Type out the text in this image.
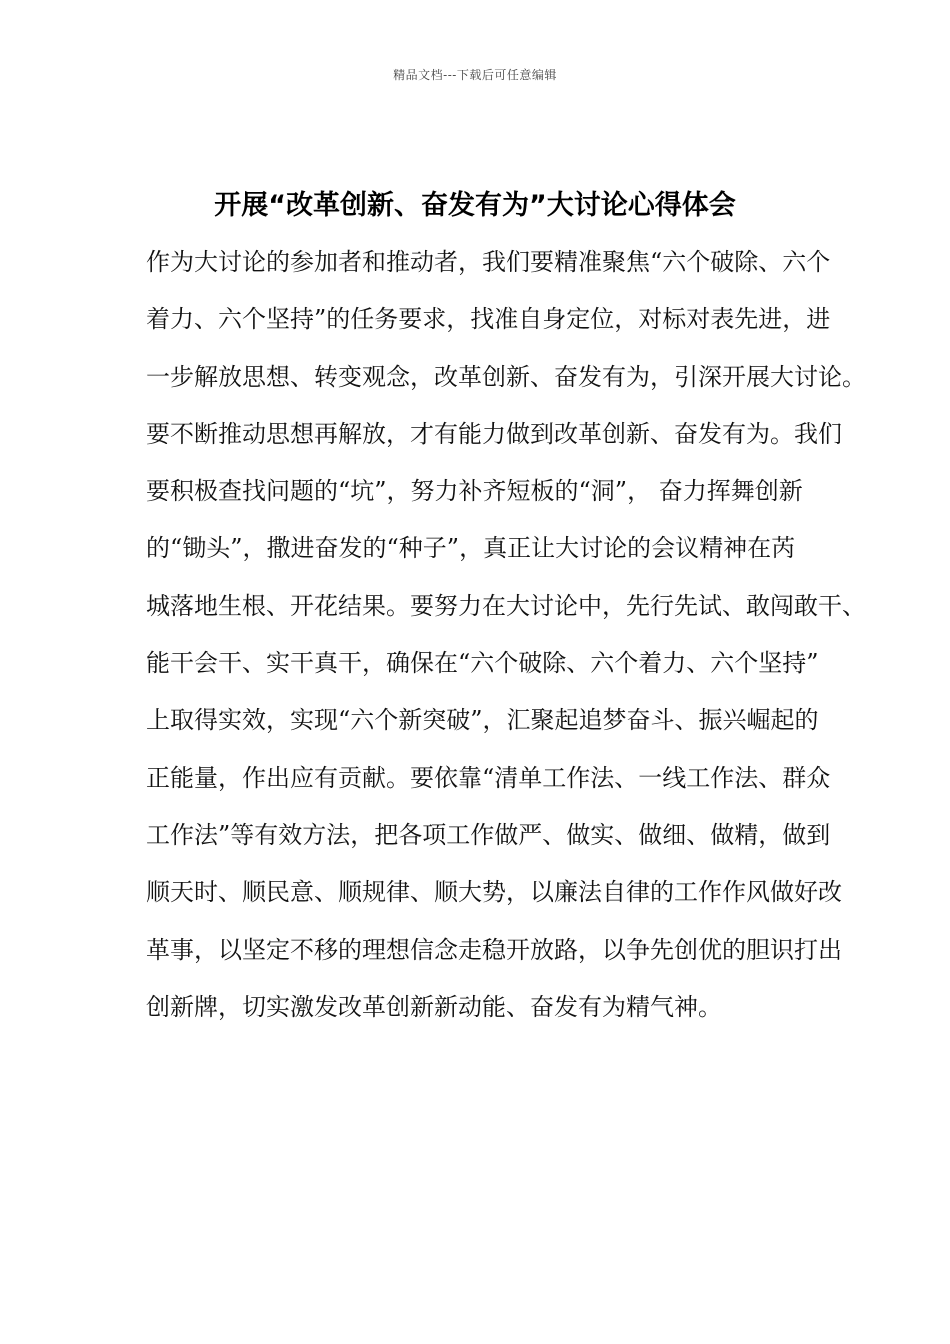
精品文档---下载后可任意编辑
开展“改革创新、奋发有为”大讨论心得体会
作为大讨论的参加者和推动者，我们要精准聚焦“六个破除、六个
着力、六个坚持”的任务要求，找准自身定位，对标对表先进，进
一步解放思想、转变观念，改革创新、奋发有为，引深开展大讨论。
要不断推动思想再解放，才有能力做到改革创新、奋发有为。我们
要积极查找问题的“坑”，努力补齐短板的“洞”， 奋力挥舞创新
的“锄头”，撒进奋发的“种子”，真正让大讨论的会议精神在芮
城落地生根、开花结果。要努力在大讨论中，先行先试、敢闯敢干、
能干会干、实干真干，确保在“六个破除、六个着力、六个坚持”
上取得实效，实现“六个新突破”，汇聚起追梦奋斗、振兴崛起的
正能量，作出应有贡献。要依靠“清单工作法、一线工作法、群众
工作法”等有效方法，把各项工作做严、做实、做细、做精，做到
顺天时、顺民意、顺规律、顺大势，以廉法自律的工作作风做好改
革事，以坚定不移的理想信念走稳开放路，以争先创优的胆识打出
创新牌，切实激发改革创新新动能、奋发有为精气神。
